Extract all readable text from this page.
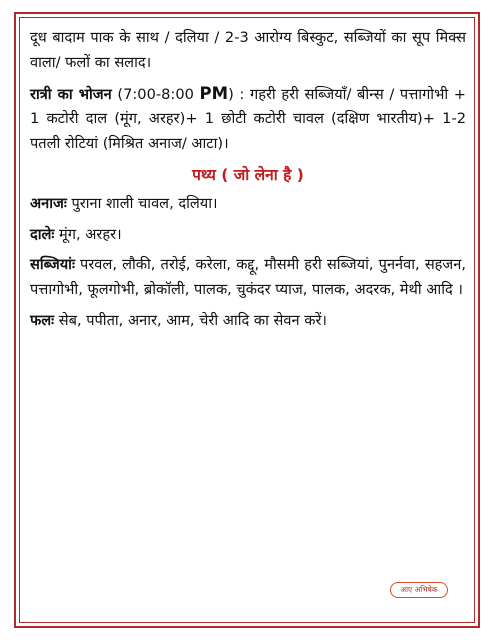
दूध बादाम पाक के साथ / दलिया / 2-3 आरोग्य बिस्कुट, सब्जियों का सूप मिक्स वाला/ फलों का सलाद।

रात्री का भोजन (7:00-8:00 PM) : गहरी हरी सब्जियाँ/ बीन्स / पत्तागोभी + 1 कटोरी दाल (मूंग, अरहर)+ 1 छोटी कटोरी चावल (दक्षिण भारतीय)+ 1-2 पतली रोटियां (मिश्रित अनाज/ आटा)।

पथ्य ( जो लेना है )

अनाजः पुराना शाली चावल, दलिया।

दालेः मूंग, अरहर।

सब्जियांः परवल, लौकी, तरोई, करेला, कद्दू, मौसमी हरी सब्जियां, पुनर्नवा, सहजन, पत्तागोभी, फूलगोभी, ब्रोकॉली, पालक, चुकंदर प्याज, पालक, अदरक, मेथी आदि ।

फलः सेब, पपीता, अनार, आम, चेरी आदि का सेवन करें।

आए अभिषेक
